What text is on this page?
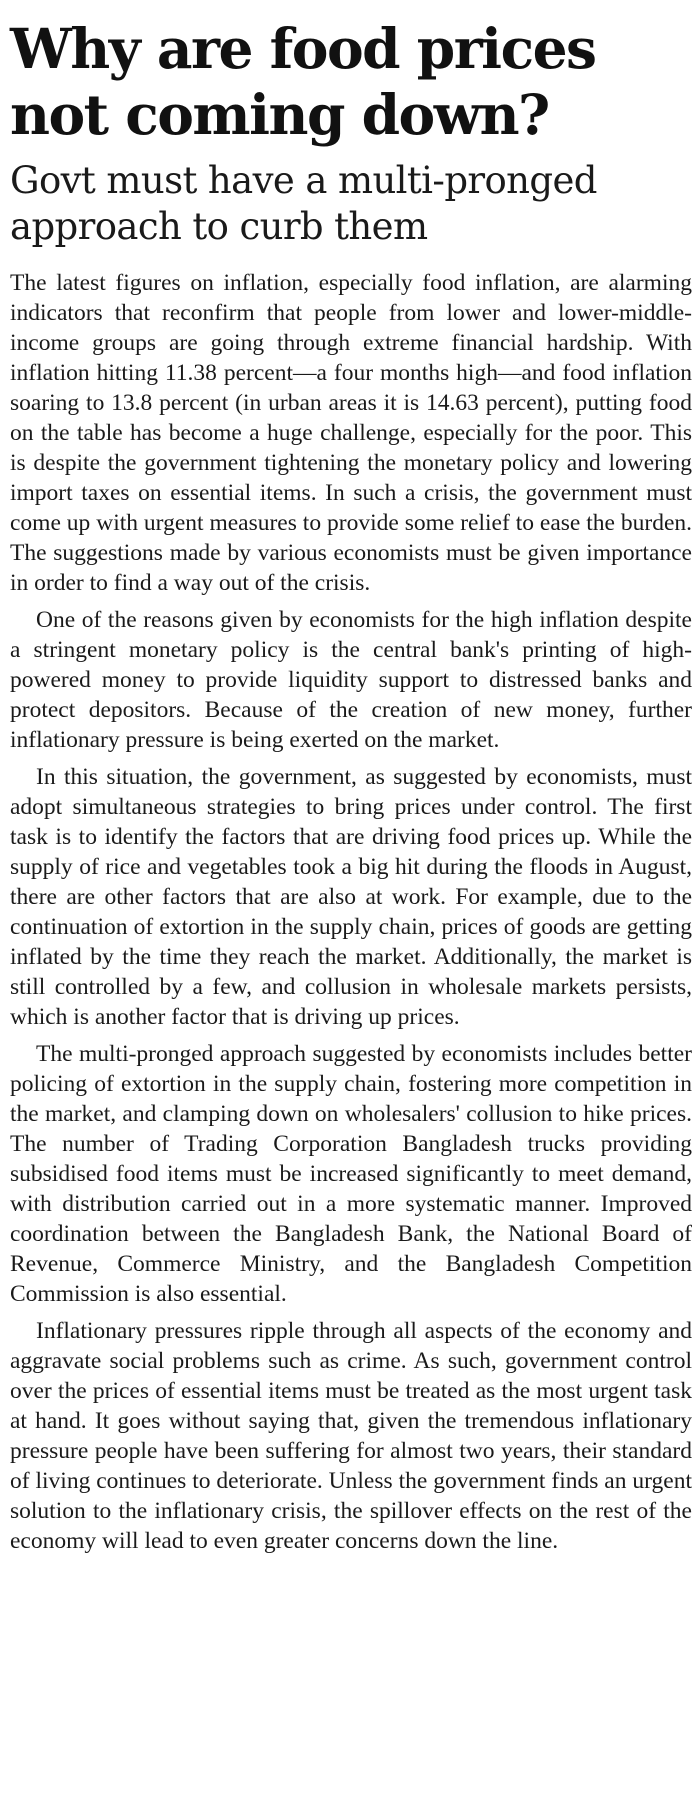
Why are food prices not coming down?
Govt must have a multi-pronged approach to curb them

The latest figures on inflation, especially food inflation, are alarming indicators that reconfirm that people from lower and lower-middle-income groups are going through extreme financial hardship. With inflation hitting 11.38 percent—a four months high—and food inflation soaring to 13.8 percent (in urban areas it is 14.63 percent), putting food on the table has become a huge challenge, especially for the poor. This is despite the government tightening the monetary policy and lowering import taxes on essential items. In such a crisis, the government must come up with urgent measures to provide some relief to ease the burden. The suggestions made by various economists must be given importance in order to find a way out of the crisis.

One of the reasons given by economists for the high inflation despite a stringent monetary policy is the central bank's printing of high-powered money to provide liquidity support to distressed banks and protect depositors. Because of the creation of new money, further inflationary pressure is being exerted on the market.

In this situation, the government, as suggested by economists, must adopt simultaneous strategies to bring prices under control. The first task is to identify the factors that are driving food prices up. While the supply of rice and vegetables took a big hit during the floods in August, there are other factors that are also at work. For example, due to the continuation of extortion in the supply chain, prices of goods are getting inflated by the time they reach the market. Additionally, the market is still controlled by a few, and collusion in wholesale markets persists, which is another factor that is driving up prices.

The multi-pronged approach suggested by economists includes better policing of extortion in the supply chain, fostering more competition in the market, and clamping down on wholesalers' collusion to hike prices. The number of Trading Corporation Bangladesh trucks providing subsidised food items must be increased significantly to meet demand, with distribution carried out in a more systematic manner. Improved coordination between the Bangladesh Bank, the National Board of Revenue, Commerce Ministry, and the Bangladesh Competition Commission is also essential.

Inflationary pressures ripple through all aspects of the economy and aggravate social problems such as crime. As such, government control over the prices of essential items must be treated as the most urgent task at hand. It goes without saying that, given the tremendous inflationary pressure people have been suffering for almost two years, their standard of living continues to deteriorate. Unless the government finds an urgent solution to the inflationary crisis, the spillover effects on the rest of the economy will lead to even greater concerns down the line.
